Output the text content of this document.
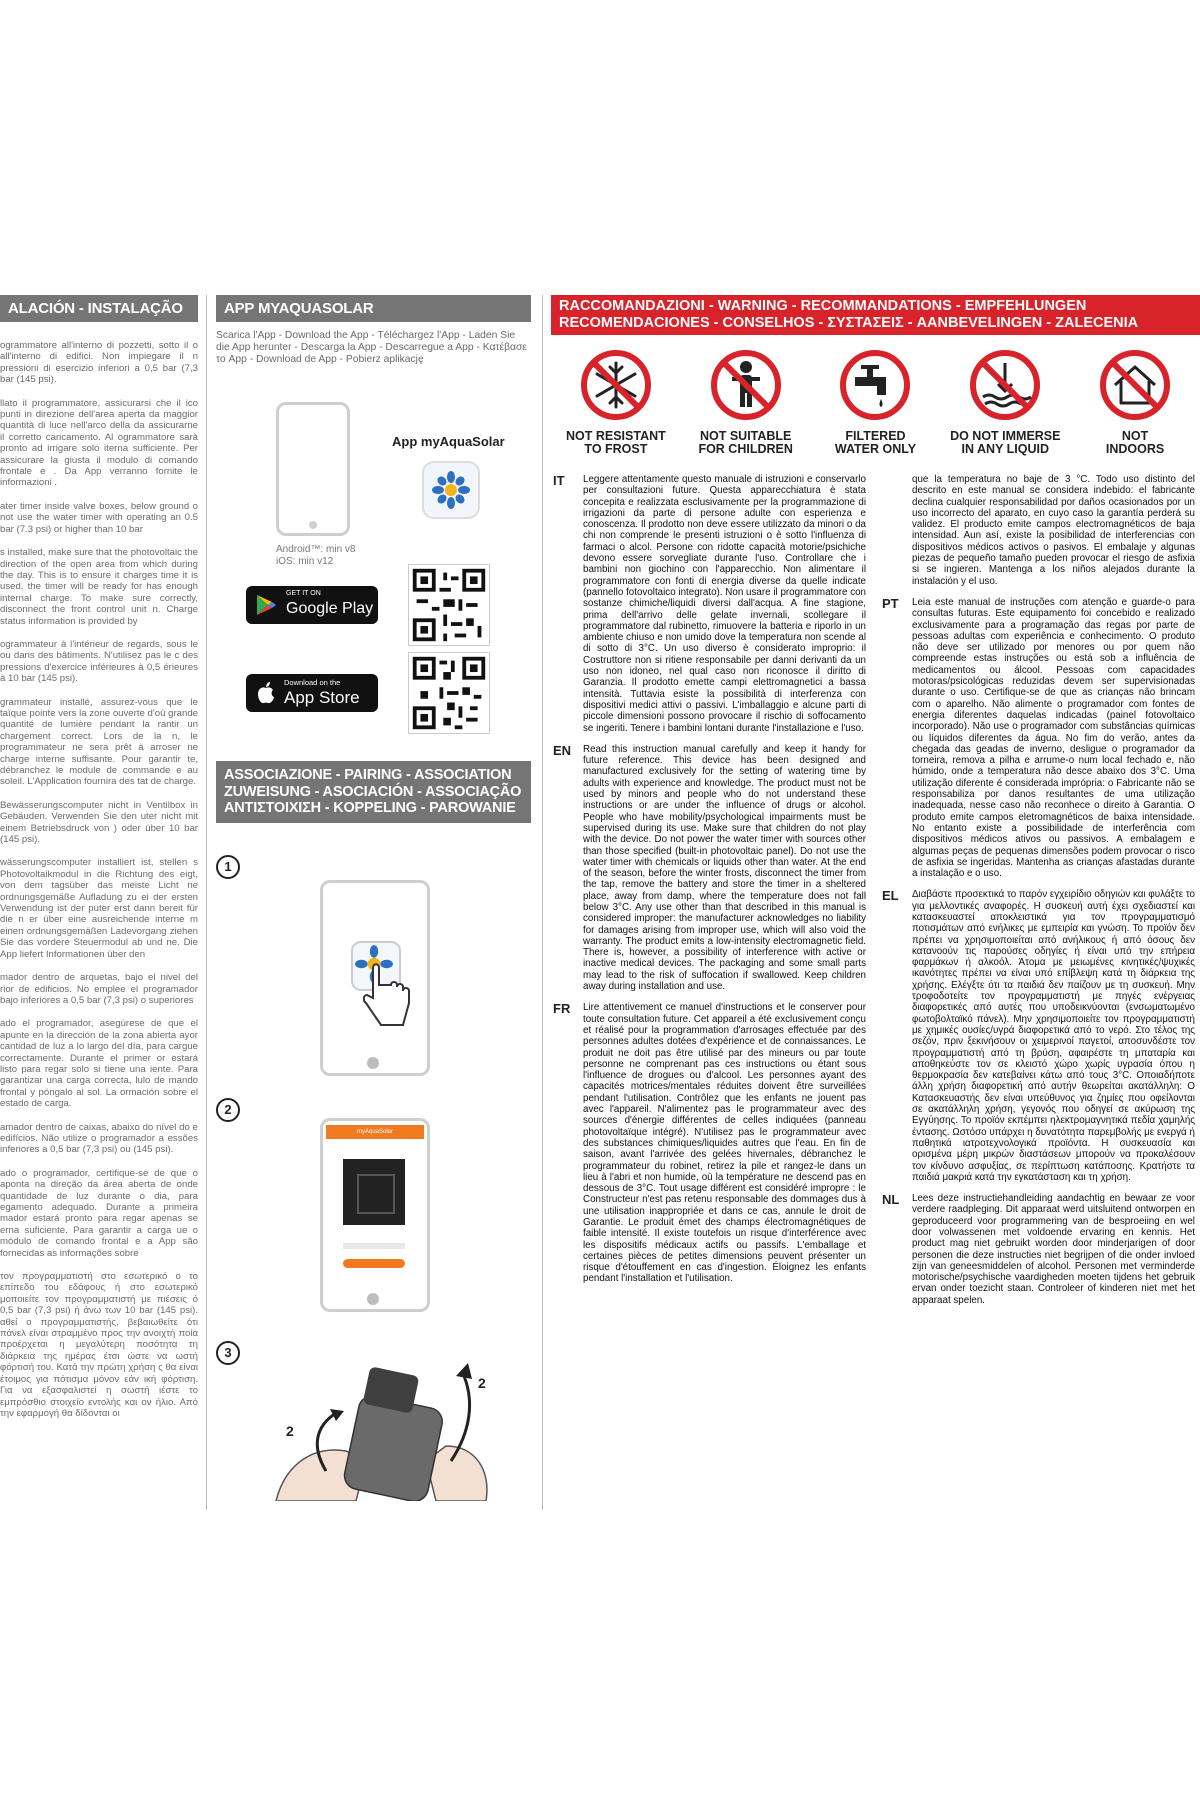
ALACIÓN - INSTALAÇÃO

ogrammatore all'interno di pozzetti, sotto il o all'interno di edifici. Non impiegare il n pressioni di esercizio inferiori a 0,5 bar (7,3 bar (145 psi).

llato il programmatore, assicurarsi che il ico punti in direzione dell'area aperta da maggior quantità di luce nell'arco della da assicurarne il corretto caricamento. Al ogrammatore sarà pronto ad irrigare solo iterna sufficiente. Per assicurare la giusta il modulo di comando frontale e . Da App verranno fornite le informazioni .

ater timer inside valve boxes, below ground o not use the water timer with operating an 0.5 bar (7.3 psi) or higher than 10 bar

s installed, make sure that the photovoltaic the direction of the open area from which during the day. This is to ensure it charges time it is used, the timer will be ready for has enough internal charge. To make sure correctly, disconnect the front control unit n. Charge status information is provided by

ogrammateur à l'intérieur de regards, sous le ou dans des bâtiments. N'utilisez pas le c des pressions d'exercice inférieures à 0,5 érieures à 10 bar (145 psi).

grammateur installé, assurez-vous que le taïque pointe vers la zone ouverte d'où grande quantité de lumière pendant la rantir un chargement correct. Lors de la n, le programmateur ne sera prêt à arroser ne charge interne suffisante. Pour garantir te, débranchez le module de commande e au soleil. L'Application fournira des tat de charge.

Bewässerungscomputer nicht in Ventilbox in Gebäuden. Verwenden Sie den uter nicht mit einem Betriebsdruck von ) oder über 10 bar (145 psi).

wässerungscomputer installiert ist, stellen s Photovoltaikmodul in die Richtung des eigt, von dem tagsüber das meiste Licht ne ordnungsgemäße Aufladung zu ei der ersten Verwendung ist der puter erst dann bereit für die n er über eine ausreichende interne m einen ordnungsgemäßen Ladevorgang ziehen Sie das vordere Steuermodul ab und ne. Die App liefert Informationen über den

mador dentro de arquetas, bajo el nivel del rior de edificios. No emplee el programador bajo inferiores a 0,5 bar (7,3 psi) o superiores

ado el programador, asegúrese de que el apunte en la dirección de la zona abierta ayor cantidad de luz a lo largo del día, para cargue correctamente. Durante el primer or estará listo para regar solo si tiene una iente. Para garantizar una carga correcta, lulo de mando frontal y póngalo al sol. La ormación sobre el estado de carga.

amador dentro de caixas, abaixo do nível do e edifícios. Não utilize o programador a essões inferiores a 0,5 bar (7,3 psi) ou (145 psi).

ado o programador, certifique-se de que o aponta na direção da área aberta de onde quantidade de luz durante o dia, para egamento adequado. Durante a primeira mador estará pronto para regar apenas se erna suficiente. Para garantir a carga ue o módulo de comando frontal e a App são fornecidas as informações sobre

τον προγραμματιστή στο εσωτερικό ο το επίπεδο του εδάφους ή στο εσωτερικό μοποιείτε τον προγραμματιστή με πιέσεις ό 0,5 bar (7,3 psi) ή άνω των 10 bar (145 psi). αθεί ο προγραμματιστής, βεβαιωθείτε ότι πάνελ είναι στραμμένο προς την ανοιχτή ποία προέρχεται η μεγαλύτερη ποσότητα τη διάρκεια της ημέρας έτσι ώστε να ωστή φόρτισή του. Κατά την πρώτη χρήση ς θα είναι έτοιμος για πότισμα μόνον εάν ική φόρτιση. Για να εξασφαλιστεί η σωστή ιέστε το εμπρόσθιο στοιχείο εντολής και ον ήλιο. Από την εφαρμογή θα δίδονται οι

APP MYAQUASOLAR
Scarica l'App - Download the App - Téléchargez l'App - Laden Sie die App herunter - Descarga la App - Descarregue a App - Κατέβασε το App - Download de App - Pobierz aplikację
App myAquaSolar
Android™: min v8
iOS: min v12
GET IT ON
Google Play
Download on the
App Store
ASSOCIAZIONE - PAIRING - ASSOCIATION
ZUWEISUNG - ASOCIACIÓN - ASSOCIAÇÃO
ΑΝΤΙΣΤΟΙΧΙΣΗ - KOPPELING - PAROWANIE
1
2
myAquaSolar
3
2
2
RACCOMANDAZIONI - WARNING - RECOMMANDATIONS - EMPFEHLUNGEN
RECOMENDACIONES - CONSELHOS - ΣΥΣΤΑΣΕΙΣ - AANBEVELINGEN - ZALECENIA
NOT RESISTANT
TO FROST
NOT SUITABLE
FOR CHILDREN
FILTERED
WATER ONLY
DO NOT IMMERSE
IN ANY LIQUID
NOT
INDOORS
IT	Leggere attentamente questo manuale di istruzioni e conservarlo per consultazioni future. Questa apparecchiatura è stata concepita e realizzata esclusivamente per la programmazione di irrigazioni da parte di persone adulte con esperienza e conoscenza. Il prodotto non deve essere utilizzato da minori o da chi non comprende le presenti istruzioni o è sotto l'influenza di farmaci o alcol. Persone con ridotte capacità motorie/psichiche devono essere sorvegliate durante l'uso. Controllare che i bambini non giochino con l'apparecchio. Non alimentare il programmatore con fonti di energia diverse da quelle indicate (pannello fotovoltaico integrato). Non usare il programmatore con sostanze chimiche/liquidi diversi dall'acqua. A fine stagione, prima dell'arrivo delle gelate invernali, scollegare il programmatore dal rubinetto, rimuovere la batteria e riporlo in un ambiente chiuso e non umido dove la temperatura non scende al di sotto di 3°C. Un uso diverso è considerato improprio: il Costruttore non si ritiene responsabile per danni derivanti da un uso non idoneo, nel qual caso non riconosce il diritto di Garanzia. Il prodotto emette campi elettromagnetici a bassa intensità. Tuttavia esiste la possibilità di interferenza con dispositivi medici attivi o passivi. L'imballaggio e alcune parti di piccole dimensioni possono provocare il rischio di soffocamento se ingeriti. Tenere i bambini lontani durante l'installazione e l'uso.
EN	Read this instruction manual carefully and keep it handy for future reference. This device has been designed and manufactured exclusively for the setting of watering time by adults with experience and knowledge. The product must not be used by minors and people who do not understand these instructions or are under the influence of drugs or alcohol. People who have mobility/psychological impairments must be supervised during its use. Make sure that children do not play with the device. Do not power the water timer with sources other than those specified (built-in photovoltaic panel). Do not use the water timer with chemicals or liquids other than water. At the end of the season, before the winter frosts, disconnect the timer from the tap, remove the battery and store the timer in a sheltered place, away from damp, where the temperature does not fall below 3°C. Any use other than that described in this manual is considered improper: the manufacturer acknowledges no liability for damages arising from improper use, which will also void the warranty. The product emits a low-intensity electromagnetic field. There is, however, a possibility of interference with active or inactive medical devices. The packaging and some small parts may lead to the risk of suffocation if swallowed. Keep children away during installation and use.
FR	Lire attentivement ce manuel d'instructions et le conserver pour toute consultation future. Cet appareil a été exclusivement conçu et réalisé pour la programmation d'arrosages effectuée par des personnes adultes dotées d'expérience et de connaissances. Le produit ne doit pas être utilisé par des mineurs ou par toute personne ne comprenant pas ces instructions ou étant sous l'influence de drogues ou d'alcool. Les personnes ayant des capacités motrices/mentales réduites doivent être surveillées pendant l'utilisation. Contrôlez que les enfants ne jouent pas avec l'appareil. N'alimentez pas le programmateur avec des sources d'énergie différentes de celles indiquées (panneau photovoltaïque intégré). N'utilisez pas le programmateur avec des substances chimiques/liquides autres que l'eau. En fin de saison, avant l'arrivée des gelées hivernales, débranchez le programmateur du robinet, retirez la pile et rangez-le dans un lieu à l'abri et non humide, où la température ne descend pas en dessous de 3°C. Tout usage différent est considéré impropre : le Constructeur n'est pas retenu responsable des dommages dus à une utilisation inappropriée et dans ce cas, annule le droit de Garantie. Le produit émet des champs électromagnétiques de faible intensité. Il existe toutefois un risque d'interférence avec les dispositifs médicaux actifs ou passifs. L'emballage et certaines pièces de petites dimensions peuvent présenter un risque d'étouffement en cas d'ingestion. Éloignez les enfants pendant l'installation et l'utilisation.
que la temperatura no baje de 3 °C. Todo uso distinto del descrito en este manual se considera indebido: el fabricante declina cualquier responsabilidad por daños ocasionados por un uso incorrecto del aparato, en cuyo caso la garantía perderá su validez. El producto emite campos electromagnéticos de baja intensidad. Aun así, existe la posibilidad de interferencias con dispositivos médicos activos o pasivos. El embalaje y algunas piezas de pequeño tamaño pueden provocar el riesgo de asfixia si se ingieren. Mantenga a los niños alejados durante la instalación y el uso.
PT	Leia este manual de instruções com atenção e guarde-o para consultas futuras. Este equipamento foi concebido e realizado exclusivamente para a programação das regas por parte de pessoas adultas com experiência e conhecimento. O produto não deve ser utilizado por menores ou por quem não compreende estas instruções ou está sob a influência de medicamentos ou álcool. Pessoas com capacidades motoras/psicológicas reduzidas devem ser supervisionadas durante o uso. Certifique-se de que as crianças não brincam com o aparelho. Não alimente o programador com fontes de energia diferentes daquelas indicadas (painel fotovoltaico incorporado). Não use o programador com substâncias químicas ou líquidos diferentes da água. No fim do verão, antes da chegada das geadas de inverno, desligue o programador da torneira, remova a pilha e arrume-o num local fechado e, não húmido, onde a temperatura não desce abaixo dos 3°C. Uma utilização diferente é considerada imprópria: o Fabricante não se responsabiliza por danos resultantes de uma utilização inadequada, nesse caso não reconhece o direito à Garantia. O produto emite campos eletromagnéticos de baixa intensidade. No entanto existe a possibilidade de interferência com dispositivos médicos ativos ou passivos. A embalagem e algumas peças de pequenas dimensões podem provocar o risco de asfixia se ingeridas. Mantenha as crianças afastadas durante a instalação e o uso.
EL	Διαβάστε προσεκτικά το παρόν εγχειρίδιο οδηγιών και φυλάξτε το για μελλοντικές αναφορές. Η συσκευή αυτή έχει σχεδιαστεί και κατασκευαστεί αποκλειστικά για τον προγραμματισμό ποτισμάτων από ενήλικες με εμπειρία και γνώση. Το προϊόν δεν πρέπει να χρησιμοποιείται από ανήλικους ή από όσους δεν κατανοούν τις παρούσες οδηγίες ή είναι υπό την επήρεια φαρμάκων ή αλκοόλ. Άτομα με μειωμένες κινητικές/ψυχικές ικανότητες πρέπει να είναι υπό επίβλεψη κατά τη διάρκεια της χρήσης. Ελέγξτε ότι τα παιδιά δεν παίζουν με τη συσκευή. Μην τροφοδοτείτε τον προγραμματιστή με πηγές ενέργειας διαφορετικές από αυτές που υποδεικνύονται (ενσωματωμένο φωτοβολταϊκό πάνελ). Μην χρησιμοποιείτε τον προγραμματιστή με χημικές ουσίες/υγρά διαφορετικά από το νερό. Στο τέλος της σεζόν, πριν ξεκινήσουν οι χειμερινοί παγετοί, αποσυνδέστε τον προγραμματιστή από τη βρύση, αφαιρέστε τη μπαταρία και αποθηκεύστε τον σε κλειστό χώρο χωρίς υγρασία όπου η θερμοκρασία δεν κατεβαίνει κάτω από τους 3°C. Οποιαδήποτε άλλη χρήση διαφορετική από αυτήν θεωρείται ακατάλληλη: Ο Κατασκευαστής δεν είναι υπεύθυνος για ζημίες που οφείλονται σε ακατάλληλη χρήση, γεγονός που οδηγεί σε ακύρωση της Εγγύησης. Το προϊόν εκπέμπει ηλεκτρομαγνητικά πεδία χαμηλής έντασης. Ωστόσο υπάρχει η δυνατότητα παρεμβολής με ενεργά ή παθητικά ιατροτεχνολογικά προϊόντα. Η συσκευασία και ορισμένα μέρη μικρών διαστάσεων μπορούν να προκαλέσουν τον κίνδυνο ασφυξίας, σε περίπτωση κατάποσης. Κρατήστε τα παιδιά μακριά κατά την εγκατάσταση και τη χρήση.
NL	Lees deze instructiehandleiding aandachtig en bewaar ze voor verdere raadpleging. Dit apparaat werd uitsluitend ontworpen en geproduceerd voor programmering van de besproeiing en wel door volwassenen met voldoende ervaring en kennis. Het product mag niet gebruikt worden door minderjarigen of door personen die deze instructies niet begrijpen of die onder invloed zijn van geneesmiddelen of alcohol. Personen met verminderde motorische/psychische vaardigheden moeten tijdens het gebruik ervan onder toezicht staan. Controleer of kinderen niet met het apparaat spelen.
